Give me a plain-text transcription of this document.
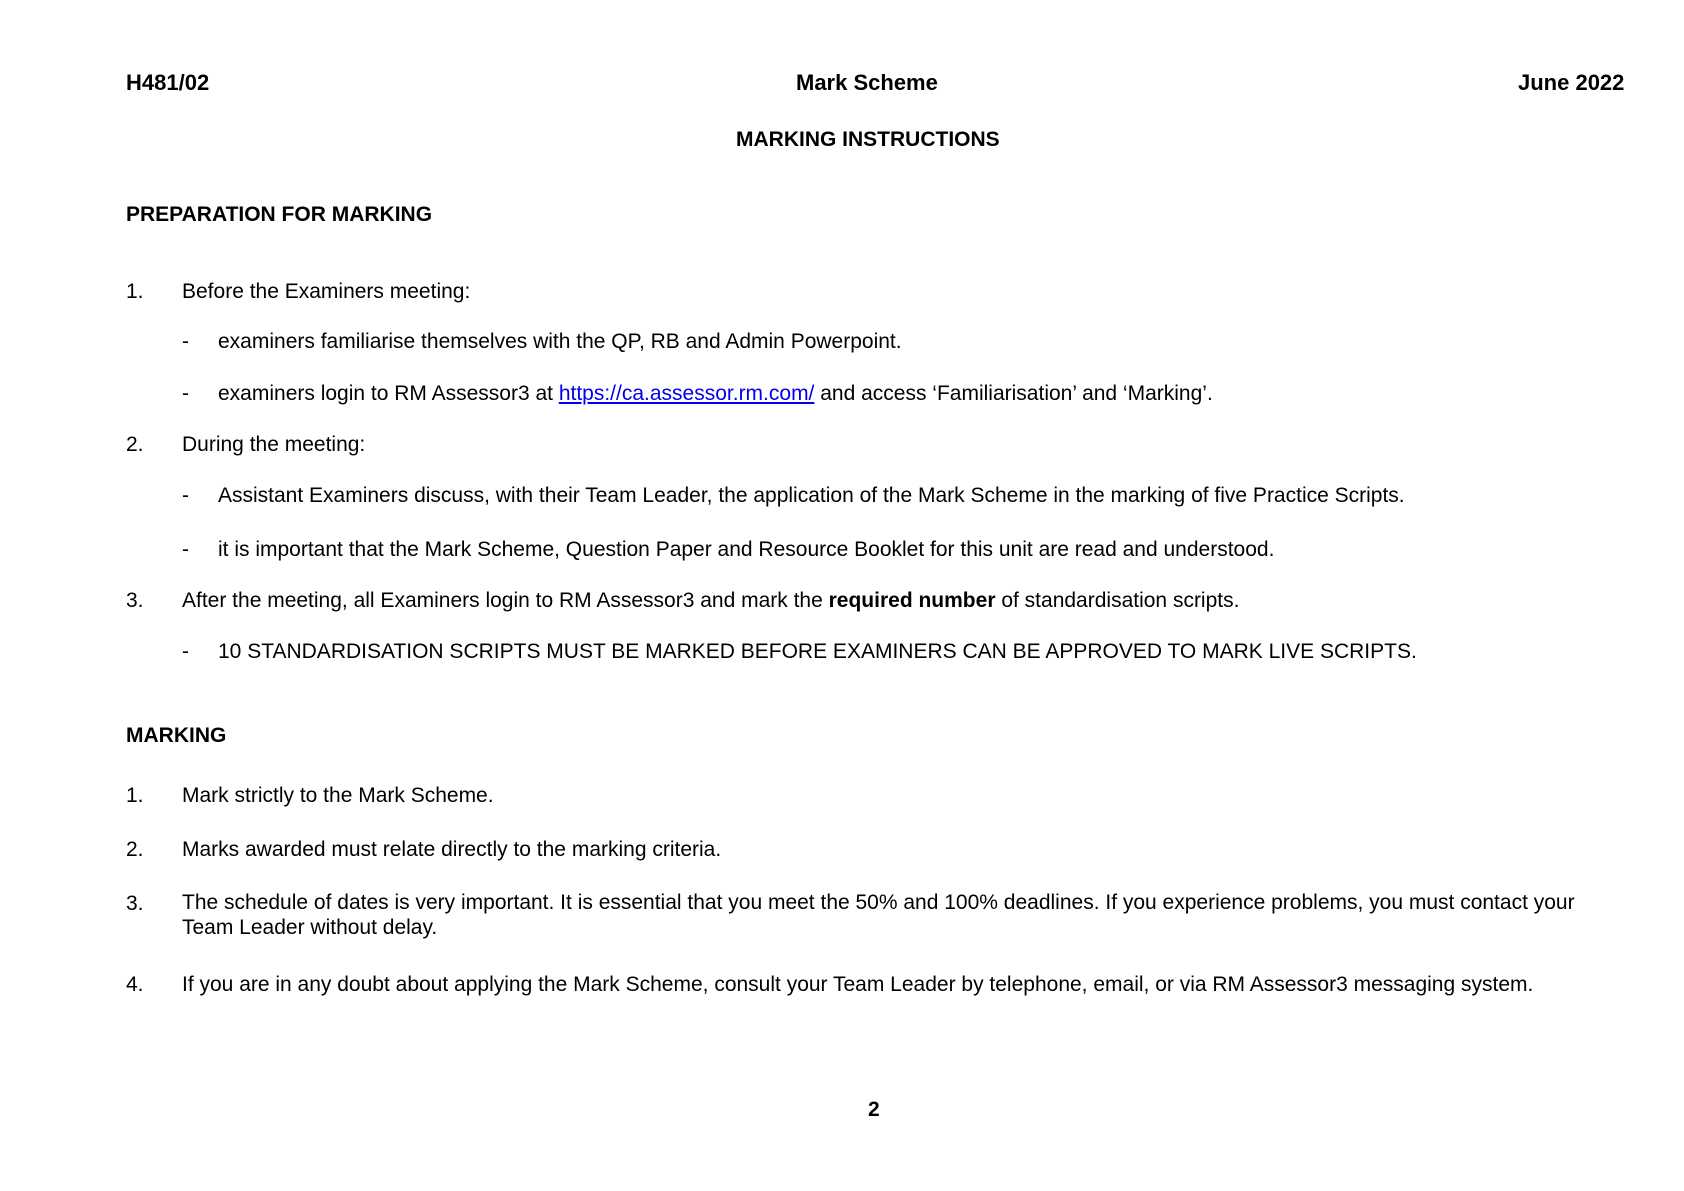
H481/02	Mark Scheme	June 2022
MARKING INSTRUCTIONS
PREPARATION FOR MARKING
1. Before the Examiners meeting:
- examiners familiarise themselves with the QP, RB and Admin Powerpoint.
- examiners login to RM Assessor3 at https://ca.assessor.rm.com/ and access ‘Familiarisation’ and ‘Marking’.
2. During the meeting:
- Assistant Examiners discuss, with their Team Leader, the application of the Mark Scheme in the marking of five Practice Scripts.
- it is important that the Mark Scheme, Question Paper and Resource Booklet for this unit are read and understood.
3. After the meeting, all Examiners login to RM Assessor3 and mark the required number of standardisation scripts.
- 10 STANDARDISATION SCRIPTS MUST BE MARKED BEFORE EXAMINERS CAN BE APPROVED TO MARK LIVE SCRIPTS.
MARKING
1. Mark strictly to the Mark Scheme.
2. Marks awarded must relate directly to the marking criteria.
3. The schedule of dates is very important. It is essential that you meet the 50% and 100% deadlines. If you experience problems, you must contact your Team Leader without delay.
4. If you are in any doubt about applying the Mark Scheme, consult your Team Leader by telephone, email, or via RM Assessor3 messaging system.
2
